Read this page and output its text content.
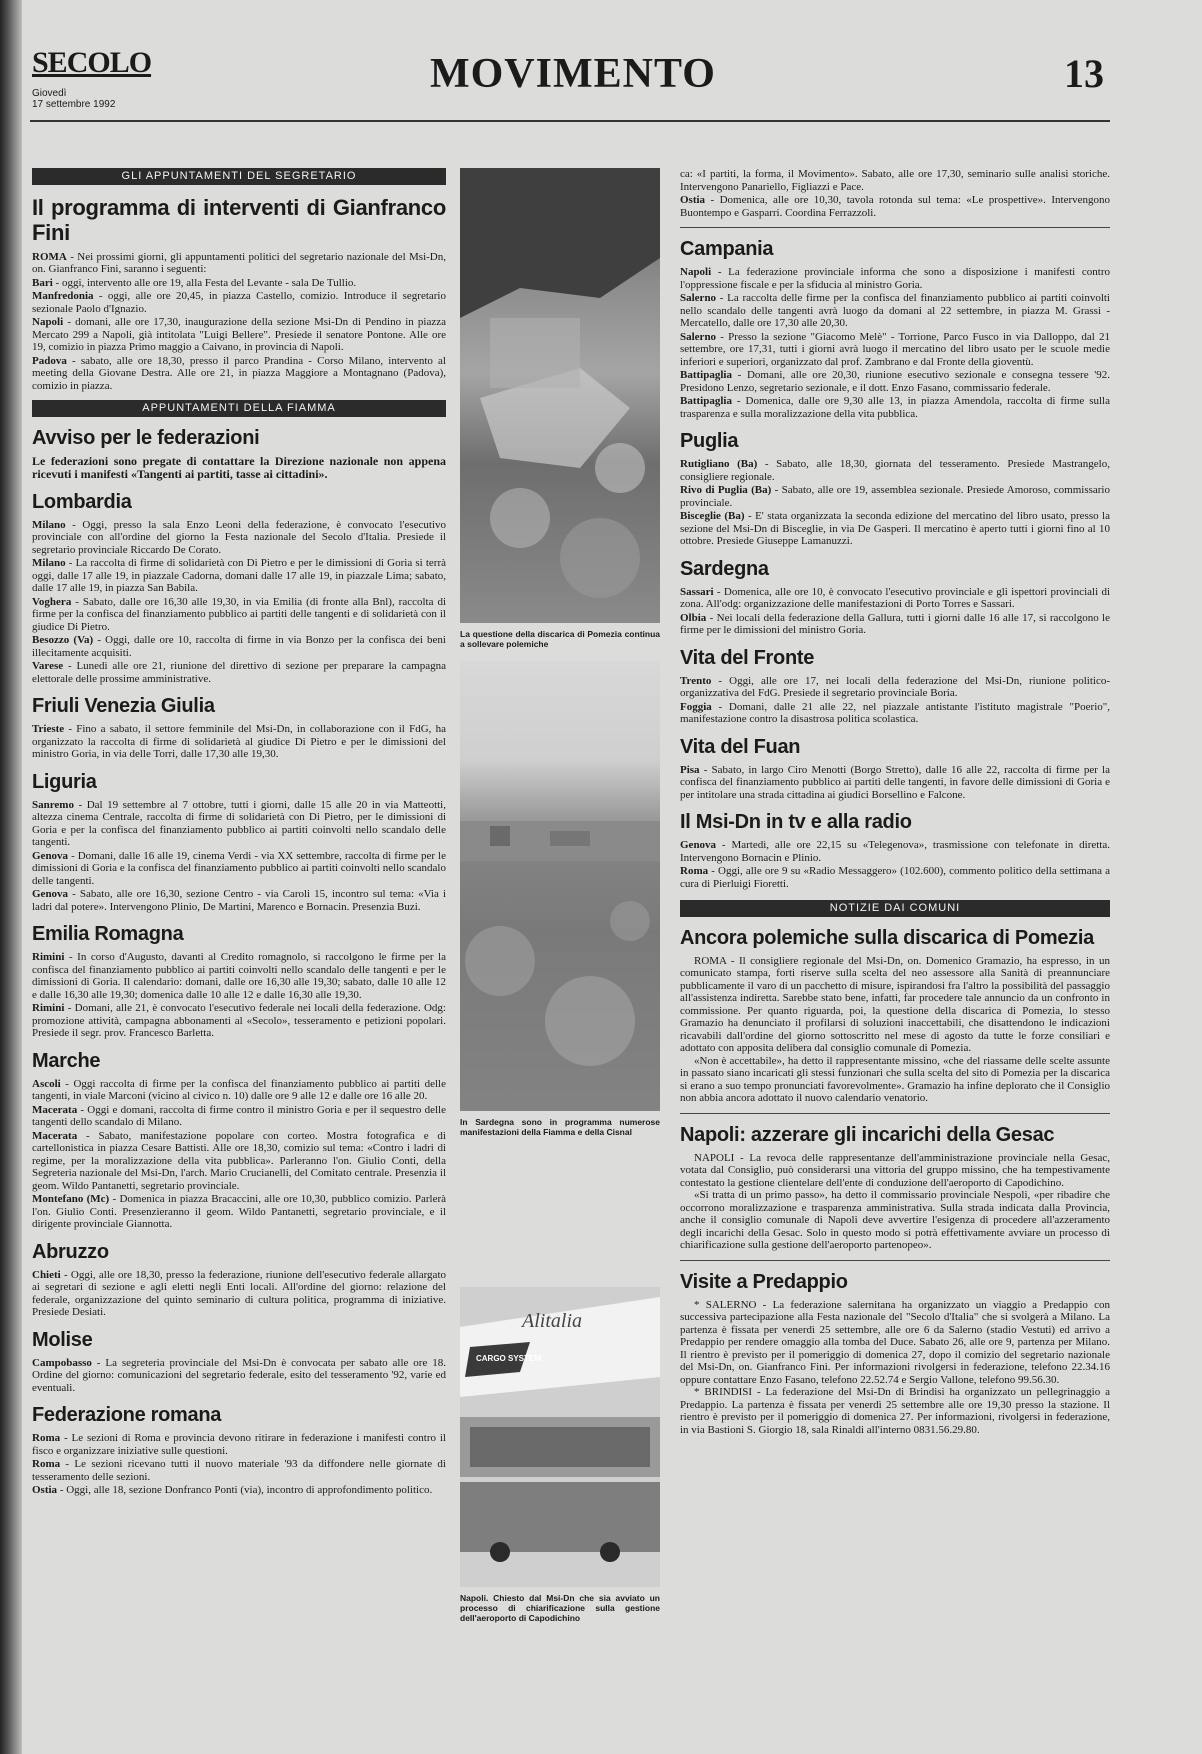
SECOLO
Giovedì
17 settembre 1992
MOVIMENTO	13
GLI APPUNTAMENTI DEL SEGRETARIO
Il programma di interventi di Gianfranco Fini

ROMA - Nei prossimi giorni, gli appuntamenti politici del segretario nazionale del Msi-Dn, on. Gianfranco Fini, saranno i seguenti:

Bari - oggi, intervento alle ore 19, alla Festa del Levante - sala De Tullio.

Manfredonia - oggi, alle ore 20,45, in piazza Castello, comizio. Introduce il segretario sezionale Paolo d'Ignazio.

Napoli - domani, alle ore 17,30, inaugurazione della sezione Msi-Dn di Pendino in piazza Mercato 299 a Napoli, già intitolata "Luigi Bellere". Presiede il senatore Pontone. Alle ore 19, comizio in piazza Primo maggio a Caivano, in provincia di Napoli.

Padova - sabato, alle ore 18,30, presso il parco Prandina - Corso Milano, intervento al meeting della Giovane Destra. Alle ore 21, in piazza Maggiore a Montagnano (Padova), comizio in piazza.

APPUNTAMENTI DELLA FIAMMA
Avviso per le federazioni
Le federazioni sono pregate di contattare la Direzione nazionale non appena ricevuti i manifesti «Tangenti ai partiti, tasse ai cittadini».
Lombardia

Milano - Oggi, presso la sala Enzo Leoni della federazione, è convocato l'esecutivo provinciale con all'ordine del giorno la Festa nazionale del Secolo d'Italia. Presiede il segretario provinciale Riccardo De Corato.

Milano - La raccolta di firme di solidarietà con Di Pietro e per le dimissioni di Goria si terrà oggi, dalle 17 alle 19, in piazzale Cadorna, domani dalle 17 alle 19, in piazzale Lima; sabato, dalle 17 alle 19, in piazza San Babila.

Voghera - Sabato, dalle ore 16,30 alle 19,30, in via Emilia (di fronte alla Bnl), raccolta di firme per la confisca del finanziamento pubblico ai partiti delle tangenti e di solidarietà con il giudice Di Pietro.

Besozzo (Va) - Oggi, dalle ore 10, raccolta di firme in via Bonzo per la confisca dei beni illecitamente acquisiti.

Varese - Lunedì alle ore 21, riunione del direttivo di sezione per preparare la campagna elettorale delle prossime amministrative.

Friuli Venezia Giulia

Trieste - Fino a sabato, il settore femminile del Msi-Dn, in collaborazione con il FdG, ha organizzato la raccolta di firme di solidarietà al giudice Di Pietro e per le dimissioni del ministro Goria, in via delle Torri, dalle 17,30 alle 19,30.

Liguria

Sanremo - Dal 19 settembre al 7 ottobre, tutti i giorni, dalle 15 alle 20 in via Matteotti, altezza cinema Centrale, raccolta di firme di solidarietà con Di Pietro, per le dimissioni di Goria e per la confisca del finanziamento pubblico ai partiti coinvolti nello scandalo delle tangenti.

Genova - Domani, dalle 16 alle 19, cinema Verdi - via XX settembre, raccolta di firme per le dimissioni di Goria e la confisca del finanziamento pubblico ai partiti coinvolti nello scandalo delle tangenti.

Genova - Sabato, alle ore 16,30, sezione Centro - via Caroli 15, incontro sul tema: «Via i ladri dal potere». Intervengono Plinio, De Martini, Marenco e Bornacin. Presenzia Buzi.

Emilia Romagna

Rimini - In corso d'Augusto, davanti al Credito romagnolo, si raccolgono le firme per la confisca del finanziamento pubblico ai partiti coinvolti nello scandalo delle tangenti e per le dimissioni di Goria. Il calendario: domani, dalle ore 16,30 alle 19,30; sabato, dalle 10 alle 12 e dalle 16,30 alle 19,30; domenica dalle 10 alle 12 e dalle 16,30 alle 19,30.

Rimini - Domani, alle 21, è convocato l'esecutivo federale nei locali della federazione. Odg: promozione attività, campagna abbonamenti al «Secolo», tesseramento e petizioni popolari. Presiede il segr. prov. Francesco Barletta.

Marche

Ascoli - Oggi raccolta di firme per la confisca del finanziamento pubblico ai partiti delle tangenti, in viale Marconi (vicino al civico n. 10) dalle ore 9 alle 12 e dalle ore 16 alle 20.

Macerata - Oggi e domani, raccolta di firme contro il ministro Goria e per il sequestro delle tangenti dello scandalo di Milano.

Macerata - Sabato, manifestazione popolare con corteo. Mostra fotografica e di cartellonistica in piazza Cesare Battisti. Alle ore 18,30, comizio sul tema: «Contro i ladri di regime, per la moralizzazione della vita pubblica». Parleranno l'on. Giulio Conti, della Segreteria nazionale del Msi-Dn, l'arch. Mario Crucianelli, del Comitato centrale. Presenzia il geom. Wildo Pantanetti, segretario provinciale.

Montefano (Mc) - Domenica in piazza Bracaccini, alle ore 10,30, pubblico comizio. Parlerà l'on. Giulio Conti. Presenzieranno il geom. Wildo Pantanetti, segretario provinciale, e il dirigente provinciale Giannotta.

Abruzzo

Chieti - Oggi, alle ore 18,30, presso la federazione, riunione dell'esecutivo federale allargato ai segretari di sezione e agli eletti negli Enti locali. All'ordine del giorno: relazione del federale, organizzazione del quinto seminario di cultura politica, programma di iniziative. Presiede Desiati.

Molise

Campobasso - La segreteria provinciale del Msi-Dn è convocata per sabato alle ore 18. Ordine del giorno: comunicazioni del segretario federale, esito del tesseramento '92, varie ed eventuali.

Federazione romana

Roma - Le sezioni di Roma e provincia devono ritirare in federazione i manifesti contro il fisco e organizzare iniziative sulle questioni.

Roma - Le sezioni ricevano tutti il nuovo materiale '93 da diffondere nelle giornate di tesseramento delle sezioni.

Ostia - Oggi, alle 18, sezione Donfranco Ponti (via), incontro di approfondimento politico.

La questione della discarica di Pomezia continua a sollevare polemiche
In Sardegna sono in programma numerose manifestazioni della Fiamma e della Cisnal
Alitalia
CARGO SYSTEM
Napoli. Chiesto dal Msi-Dn che sia avviato un processo di chiarificazione sulla gestione dell'aeroporto di Capodichino

ca: «I partiti, la forma, il Movimento». Sabato, alle ore 17,30, seminario sulle analisi storiche. Intervengono Panariello, Figliazzi e Pace.

Ostia - Domenica, alle ore 10,30, tavola rotonda sul tema: «Le prospettive». Intervengono Buontempo e Gasparri. Coordina Ferrazzoli.

Campania

Napoli - La federazione provinciale informa che sono a disposizione i manifesti contro l'oppressione fiscale e per la sfiducia al ministro Goria.

Salerno - La raccolta delle firme per la confisca del finanziamento pubblico ai partiti coinvolti nello scandalo delle tangenti avrà luogo da domani al 22 settembre, in piazza M. Grassi - Mercatello, dalle ore 17,30 alle 20,30.

Salerno - Presso la sezione "Giacomo Melè" - Torrione, Parco Fusco in via Dalloppo, dal 21 settembre, ore 17,31, tutti i giorni avrà luogo il mercatino del libro usato per le scuole medie inferiori e superiori, organizzato dal prof. Zambrano e dal Fronte della gioventù.

Battipaglia - Domani, alle ore 20,30, riunione esecutivo sezionale e consegna tessere '92. Presidono Lenzo, segretario sezionale, e il dott. Enzo Fasano, commissario federale.

Battipaglia - Domenica, dalle ore 9,30 alle 13, in piazza Amendola, raccolta di firme sulla trasparenza e sulla moralizzazione della vita pubblica.

Puglia

Rutigliano (Ba) - Sabato, alle 18,30, giornata del tesseramento. Presiede Mastrangelo, consigliere regionale.

Rivo di Puglia (Ba) - Sabato, alle ore 19, assemblea sezionale. Presiede Amoroso, commissario provinciale.

Bisceglie (Ba) - E' stata organizzata la seconda edizione del mercatino del libro usato, presso la sezione del Msi-Dn di Bisceglie, in via De Gasperi. Il mercatino è aperto tutti i giorni fino al 10 ottobre. Presiede Giuseppe Lamanuzzi.

Sardegna

Sassari - Domenica, alle ore 10, è convocato l'esecutivo provinciale e gli ispettori provinciali di zona. All'odg: organizzazione delle manifestazioni di Porto Torres e Sassari.

Olbia - Nei locali della federazione della Gallura, tutti i giorni dalle 16 alle 17, si raccolgono le firme per le dimissioni del ministro Goria.

Vita del Fronte

Trento - Oggi, alle ore 17, nei locali della federazione del Msi-Dn, riunione politico-organizzativa del FdG. Presiede il segretario provinciale Boria.

Foggia - Domani, dalle 21 alle 22, nel piazzale antistante l'istituto magistrale "Poerio", manifestazione contro la disastrosa politica scolastica.

Vita del Fuan

Pisa - Sabato, in largo Ciro Menotti (Borgo Stretto), dalle 16 alle 22, raccolta di firme per la confisca del finanziamento pubblico ai partiti delle tangenti, in favore delle dimissioni di Goria e per intitolare una strada cittadina ai giudici Borsellino e Falcone.

Il Msi-Dn in tv e alla radio

Genova - Martedì, alle ore 22,15 su «Telegenova», trasmissione con telefonate in diretta. Intervengono Bornacin e Plinio.

Roma - Oggi, alle ore 9 su «Radio Messaggero» (102.600), commento politico della settimana a cura di Pierluigi Fioretti.

NOTIZIE DAI COMUNI
Ancora polemiche sulla discarica di Pomezia

ROMA - Il consigliere regionale del Msi-Dn, on. Domenico Gramazio, ha espresso, in un comunicato stampa, forti riserve sulla scelta del neo assessore alla Sanità di preannunciare pubblicamente il varo di un pacchetto di misure, ispirandosi fra l'altro la possibilità del passaggio all'assistenza indiretta. Sarebbe stato bene, infatti, far procedere tale annuncio da un confronto in commissione. Per quanto riguarda, poi, la questione della discarica di Pomezia, lo stesso Gramazio ha denunciato il profilarsi di soluzioni inaccettabili, che disattendono le indicazioni ricavabili dall'ordine del giorno sottoscritto nel mese di agosto da tutte le forze consiliari e adottato con apposita delibera dal consiglio comunale di Pomezia.

«Non è accettabile», ha detto il rappresentante missino, «che del riassame delle scelte assunte in passato siano incaricati gli stessi funzionari che sulla scelta del sito di Pomezia per la discarica si erano a suo tempo pronunciati favorevolmente». Gramazio ha infine deplorato che il Consiglio non abbia ancora adottato il nuovo calendario venatorio.

Napoli: azzerare gli incarichi della Gesac

NAPOLI - La revoca delle rappresentanze dell'amministrazione provinciale nella Gesac, votata dal Consiglio, può considerarsi una vittoria del gruppo missino, che ha tempestivamente contestato la gestione clientelare dell'ente di conduzione dell'aeroporto di Capodichino.

«Si tratta di un primo passo», ha detto il commissario provinciale Nespoli, «per ribadire che occorrono moralizzazione e trasparenza amministrativa. Sulla strada indicata dalla Provincia, anche il consiglio comunale di Napoli deve avvertire l'esigenza di procedere all'azzeramento degli incarichi della Gesac. Solo in questo modo si potrà effettivamente avviare un processo di chiarificazione sulla gestione dell'aeroporto partenopeo».

Visite a Predappio

* SALERNO - La federazione salernitana ha organizzato un viaggio a Predappio con successiva partecipazione alla Festa nazionale del "Secolo d'Italia" che si svolgerà a Milano. La partenza è fissata per venerdì 25 settembre, alle ore 6 da Salerno (stadio Vestuti) ed arrivo a Predappio per rendere omaggio alla tomba del Duce. Sabato 26, alle ore 9, partenza per Milano. Il rientro è previsto per il pomeriggio di domenica 27, dopo il comizio del segretario nazionale del Msi-Dn, on. Gianfranco Fini. Per informazioni rivolgersi in federazione, telefono 22.34.16 oppure contattare Enzo Fasano, telefono 22.52.74 e Sergio Vallone, telefono 99.56.30.

* BRINDISI - La federazione del Msi-Dn di Brindisi ha organizzato un pellegrinaggio a Predappio. La partenza è fissata per venerdì 25 settembre alle ore 19,30 presso la stazione. Il rientro è previsto per il pomeriggio di domenica 27. Per informazioni, rivolgersi in federazione, in via Bastioni S. Giorgio 18, sala Rinaldi all'interno 0831.56.29.80.
